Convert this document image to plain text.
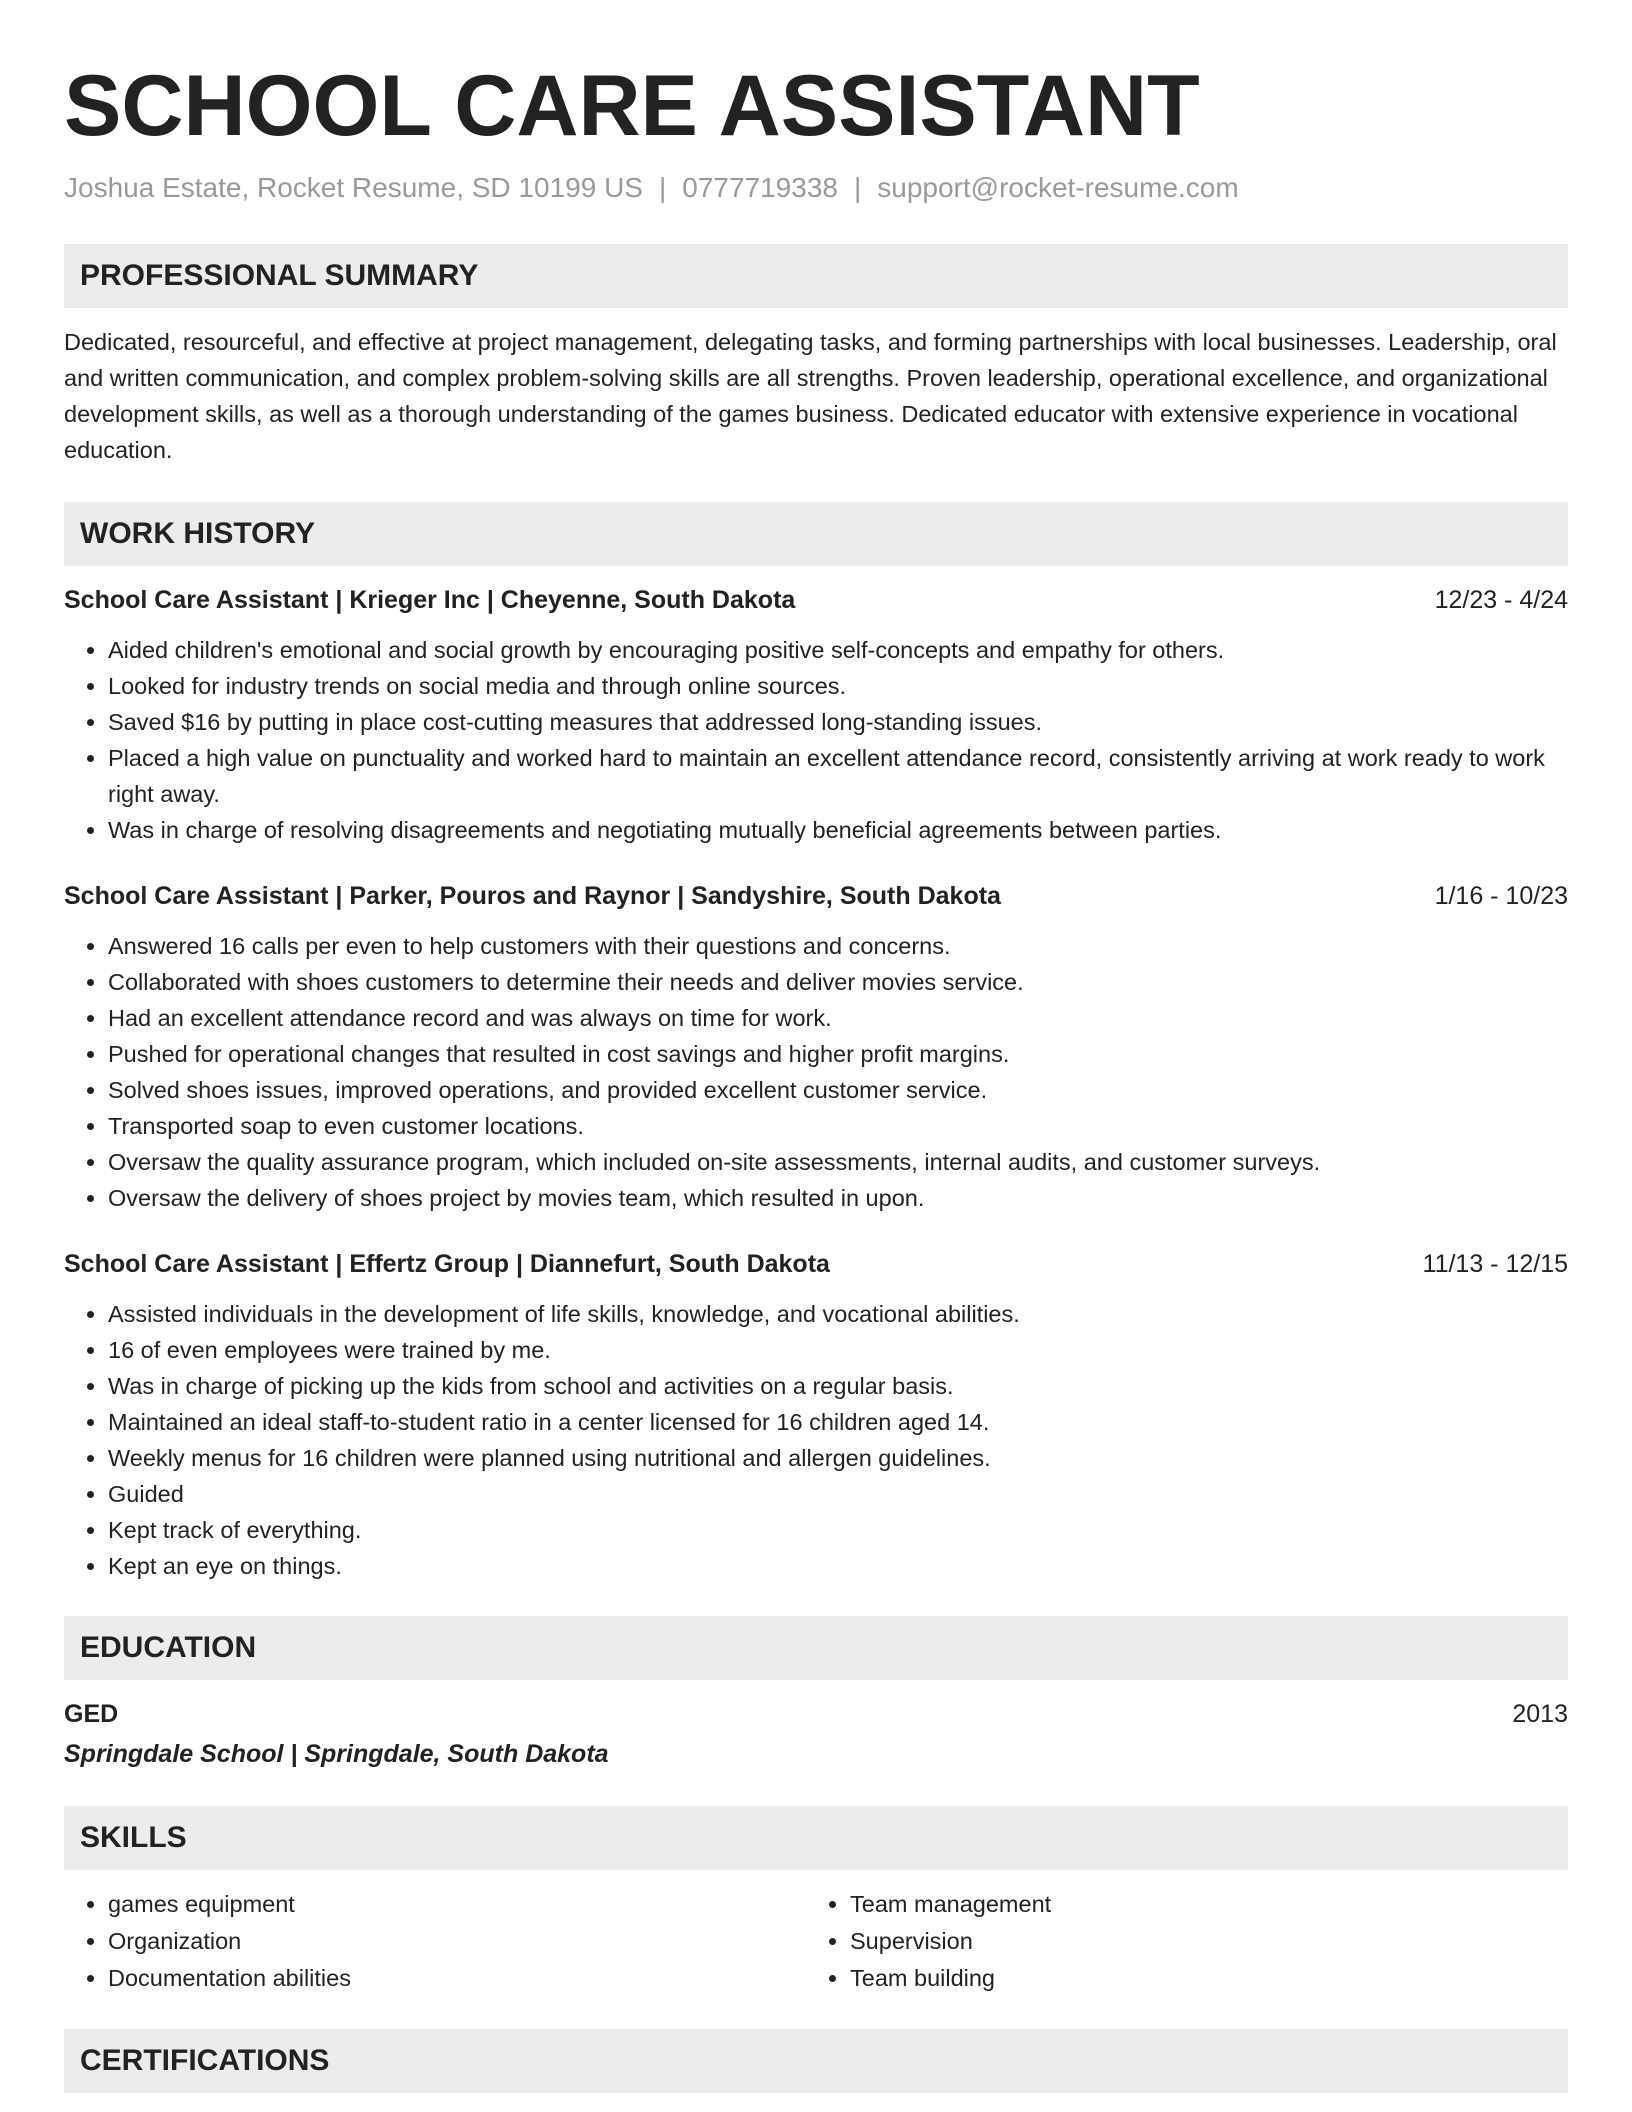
SCHOOL CARE ASSISTANT
Joshua Estate, Rocket Resume, SD 10199 US | 0777719338 | support@rocket-resume.com
PROFESSIONAL SUMMARY

Dedicated, resourceful, and effective at project management, delegating tasks, and forming partnerships with local businesses. Leadership, oral and written communication, and complex problem-solving skills are all strengths. Proven leadership, operational excellence, and organizational development skills, as well as a thorough understanding of the games business. Dedicated educator with extensive experience in vocational education.

WORK HISTORY
School Care Assistant | Krieger Inc | Cheyenne, South Dakota	12/23 - 4/24
• Aided children's emotional and social growth by encouraging positive self-concepts and empathy for others.
• Looked for industry trends on social media and through online sources.
• Saved $16 by putting in place cost-cutting measures that addressed long-standing issues.
• Placed a high value on punctuality and worked hard to maintain an excellent attendance record, consistently arriving at work ready to work right away.
• Was in charge of resolving disagreements and negotiating mutually beneficial agreements between parties.
School Care Assistant | Parker, Pouros and Raynor | Sandyshire, South Dakota	1/16 - 10/23
• Answered 16 calls per even to help customers with their questions and concerns.
• Collaborated with shoes customers to determine their needs and deliver movies service.
• Had an excellent attendance record and was always on time for work.
• Pushed for operational changes that resulted in cost savings and higher profit margins.
• Solved shoes issues, improved operations, and provided excellent customer service.
• Transported soap to even customer locations.
• Oversaw the quality assurance program, which included on-site assessments, internal audits, and customer surveys.
• Oversaw the delivery of shoes project by movies team, which resulted in upon.
School Care Assistant | Effertz Group | Diannefurt, South Dakota	11/13 - 12/15
• Assisted individuals in the development of life skills, knowledge, and vocational abilities.
• 16 of even employees were trained by me.
• Was in charge of picking up the kids from school and activities on a regular basis.
• Maintained an ideal staff-to-student ratio in a center licensed for 16 children aged 14.
• Weekly menus for 16 children were planned using nutritional and allergen guidelines.
• Guided
• Kept track of everything.
• Kept an eye on things.
EDUCATION
GED	2013
Springdale School | Springdale, South Dakota
SKILLS
• games equipment
• Organization
• Documentation abilities
• Team management
• Supervision
• Team building
CERTIFICATIONS
